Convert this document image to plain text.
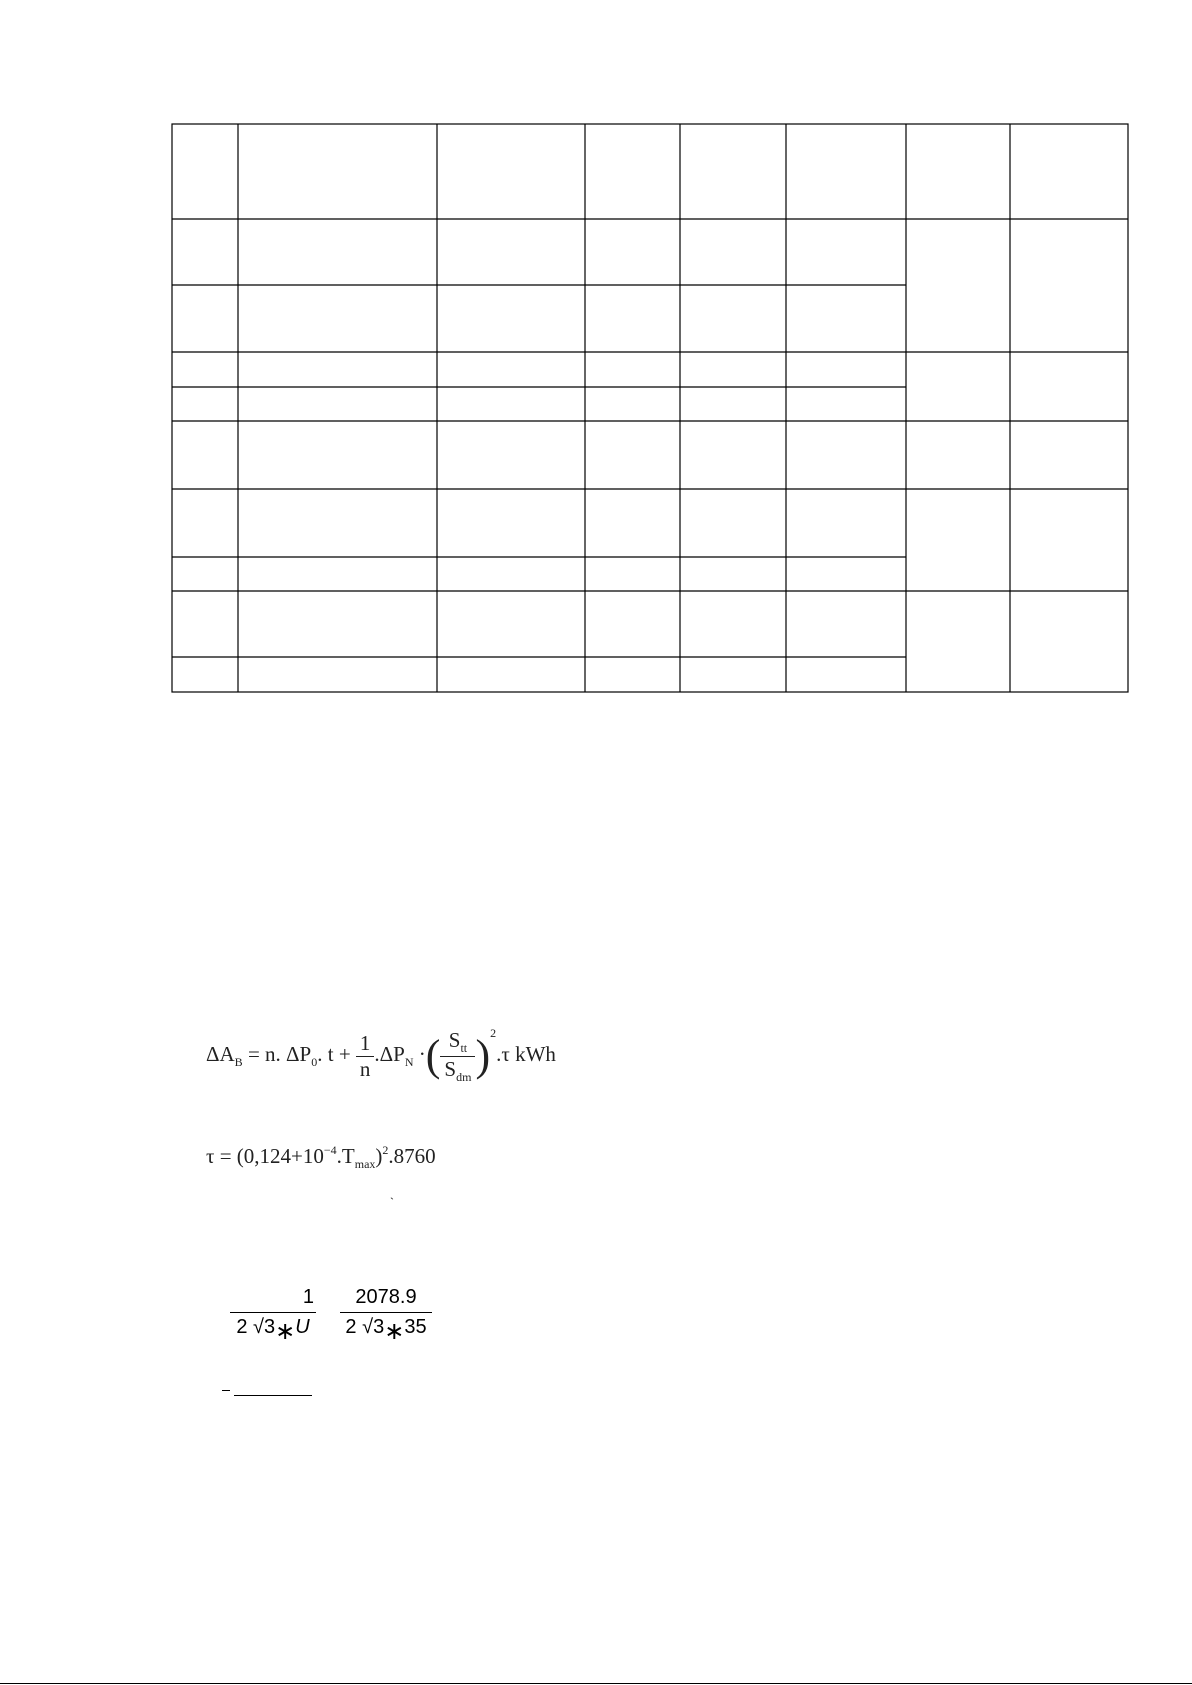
$\Delta A_B = n$. $\Delta P_0$. $t + \frac{1}{n} .\Delta P_N$ ·( $\frac{S_{tt}}{S_{dm}} )^2.\tau$ kWh
$\tau = (0,124+10^{-4}.T_{max})^2.8760$
ˏ
$\frac{1}{2 √3∗U} \frac{2078.9}{2 √3∗35}$
